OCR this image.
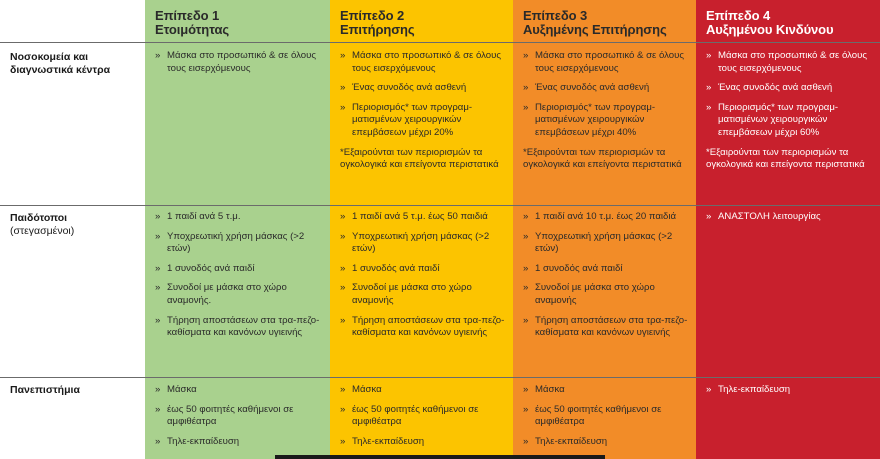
Επίπεδο 1
Ετοιμότητας
Επίπεδο 2
Επιτήρησης
Επίπεδο 3
Αυξημένης Επιτήρησης
Επίπεδο 4
Αυξημένου Κινδύνου
Νοσοκομεία και
διαγνωστικά κέντρα
Παιδότοποι
(στεγασμένοι)
Πανεπιστήμια
» Μάσκα στο προσωπικό & σε όλους τους εισερχόμενους
» Μάσκα στο προσωπικό & σε όλους τους εισερχόμενους
» Ένας συνοδός ανά ασθενή
» Περιορισμός* των προγραμ-ματισμένων χειρουργικών επεμβάσεων μέχρι 20%
*Εξαιρούνται των περιορισμών τα ογκολογικά και επείγοντα περιστατικά
» Μάσκα στο προσωπικό & σε όλους τους εισερχόμενους
» Ένας συνοδός ανά ασθενή
» Περιορισμός* των προγραμ-ματισμένων χειρουργικών επεμβάσεων μέχρι 40%
*Εξαιρούνται των περιορισμών τα ογκολογικά και επείγοντα περιστατικά
» Μάσκα στο προσωπικό & σε όλους τους εισερχόμενους
» Ένας συνοδός ανά ασθενή
» Περιορισμός* των προγραμ-ματισμένων χειρουργικών επεμβάσεων μέχρι 60%
*Εξαιρούνται των περιορισμών τα ογκολογικά και επείγοντα περιστατικά
» 1 παιδί ανά 5 τ.μ.
» Υποχρεωτική χρήση μάσκας (>2 ετών)
» 1 συνοδός ανά παιδί
» Συνοδοί με μάσκα στο χώρο αναμονής.
» Τήρηση αποστάσεων στα τρα-πεζο-καθίσματα και κανόνων υγιεινής
» 1 παιδί ανά 5 τ.μ. έως 50 παιδιά
» Υποχρεωτική χρήση μάσκας (>2 ετών)
» 1 συνοδός ανά παιδί
» Συνοδοί με μάσκα στο χώρο αναμονής
» Τήρηση αποστάσεων στα τρα-πεζο-καθίσματα και κανόνων υγιεινής
» 1 παιδί ανά 10 τ.μ. έως 20 παιδιά
» Υποχρεωτική χρήση μάσκας (>2 ετών)
» 1 συνοδός ανά παιδί
» Συνοδοί με μάσκα στο χώρο αναμονής
» Τήρηση αποστάσεων στα τρα-πεζο-καθίσματα και κανόνων υγιεινής
» ΑΝΑΣΤΟΛΗ λειτουργίας
» Μάσκα
» έως 50 φοιτητές καθήμενοι σε αμφιθέατρα
» Τηλε-εκπαίδευση
» Μάσκα
» έως 50 φοιτητές καθήμενοι σε αμφιθέατρα
» Τηλε-εκπαίδευση
» Μάσκα
» έως 50 φοιτητές καθήμενοι σε αμφιθέατρα
» Τηλε-εκπαίδευση
» Τηλε-εκπαίδευση
